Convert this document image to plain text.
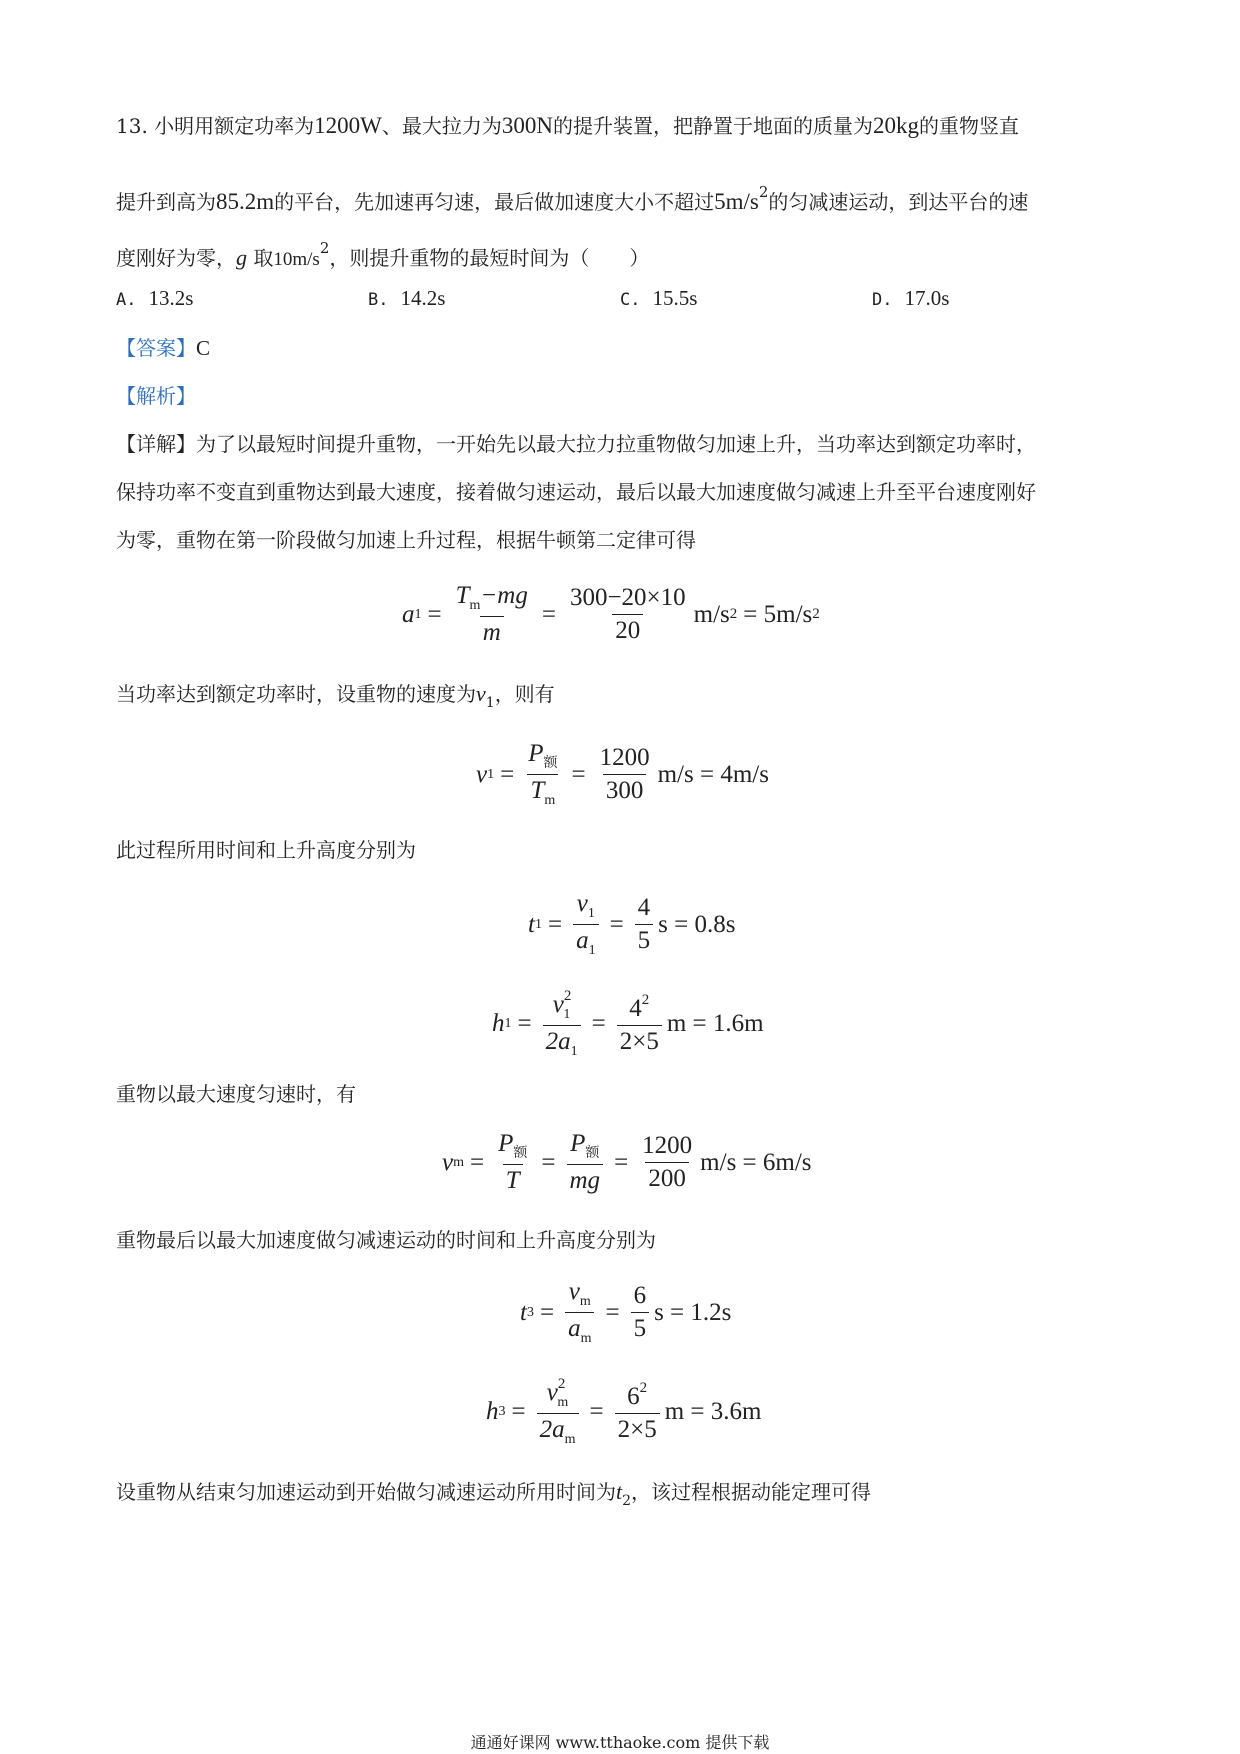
13. 小明用额定功率为1200W、最大拉力为300N的提升装置，把静置于地面的质量为20kg的重物竖直
提升到高为85.2m的平台，先加速再匀速，最后做加速度大小不超过$5m/s^2$的匀减速运动，到达平台的速
度刚好为零，g 取$10m/s^2$，则提升重物的最短时间为（　　）
A. 13.2s	B. 14.2s	C. 15.5s	D. 17.0s
【答案】C
【解析】
【详解】为了以最短时间提升重物，一开始先以最大拉力拉重物做匀加速上升，当功率达到额定功率时，
保持功率不变直到重物达到最大速度，接着做匀速运动，最后以最大加速度做匀减速上升至平台速度刚好
为零，重物在第一阶段做匀加速上升过程，根据牛顿第二定律可得
a $1 = \frac{T_m-mg}{m} = \frac{300-20\times 10}{20} m/s$ 2 = 5m/s 2
当功率达到额定功率时，设重物的速度为$v_1$，则有
v $1 = \frac{P_额}{T_m} = \frac{1200}{300} m/s = 4m/s$
此过程所用时间和上升高度分别为
t $1 = \frac{v_1}{a_1} = \frac{4}{5}$ s = 0.8s
h $1 = \frac{v^2_1}{2a_1} = \frac{4^2}{2\times 5}$ m = 1.6m
重物以最大速度匀速时，有
v $m = \frac{P_额}{T} = \frac{P_额}{mg} = \frac{1200}{200} m/s = 6m/s$
重物最后以最大加速度做匀减速运动的时间和上升高度分别为
t $3 = \frac{v_m}{a_m} = \frac{6}{5}$ s = 1.2s
h $3 = \frac{v^2_m}{2a_m} = \frac{6^2}{2\times 5}$ m = 3.6m
设重物从结束匀加速运动到开始做匀减速运动所用时间为$t_2$，该过程根据动能定理可得
通通好课网 www.tthaoke.com 提供下载
